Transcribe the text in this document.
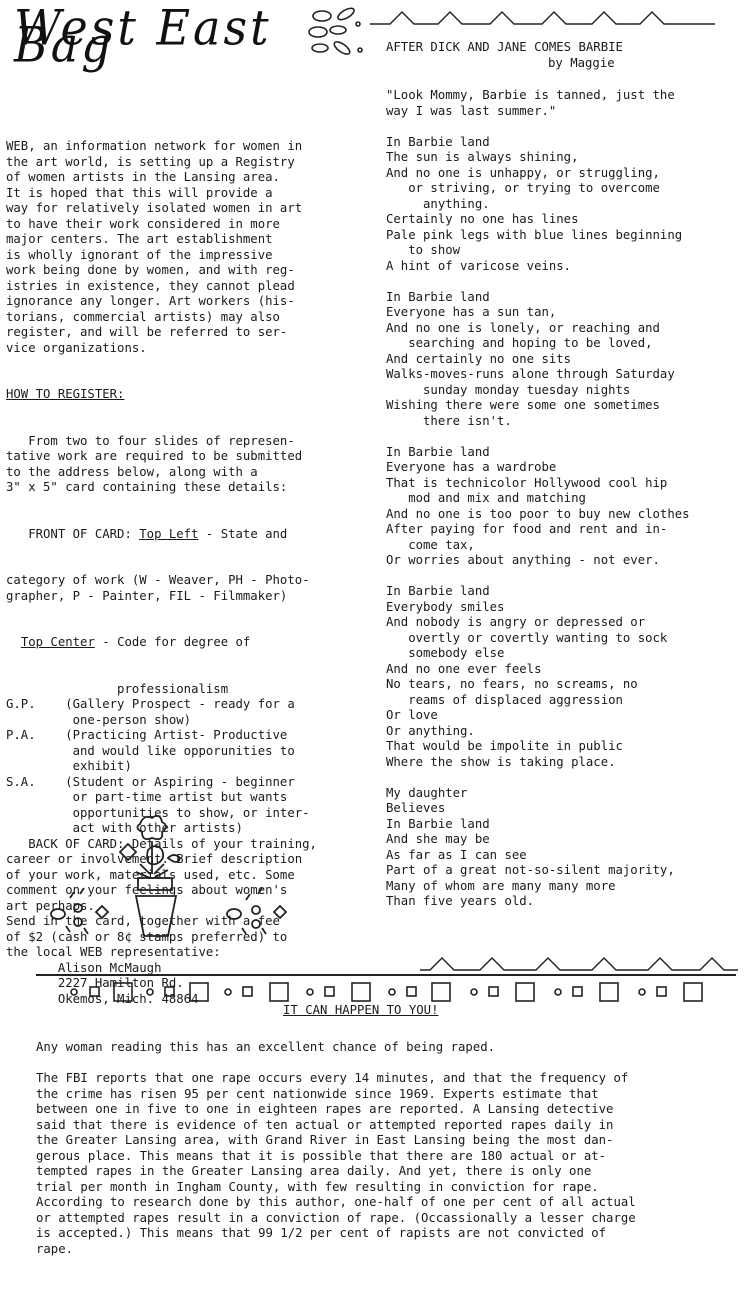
West East Bag	AFTER DICK AND JANE COMES BARBIE
by Maggie

WEB, an information network for women in
the art world, is setting up a Registry
of women artists in the Lansing area.
It is hoped that this will provide a
way for relatively isolated women in art
to have their work considered in more
major centers. The art establishment
is wholly ignorant of the impressive
work being done by women, and with reg-
istries in existence, they cannot plead
ignorance any longer. Art workers (his-
torians, commercial artists) may also
register, and will be referred to ser-
vice organizations.

HOW TO REGISTER:

From two to four slides of represen-
tative work are required to be submitted
to the address below, along with a
3" x 5" card containing these details:

FRONT OF CARD: Top Left - State and

category of work (W - Weaver, PH - Photo-
grapher, P - Painter, FIL - Filmmaker)

Top Center - Code for degree of

professionalism
G.P.    (Gallery Prospect - ready for a
one-person show)
P.A.    (Practicing Artist- Productive
and would like opporunities to
exhibit)
S.A.    (Student or Aspiring - beginner
or part-time artist but wants
opportunities to show, or inter-
act with other artists)
BACK OF CARD: Details of your training,
career or involvement. Brief description
of your work, materials used, etc. Some
comment on your feelings about women's
art perhaps.
Send in the card, together with a fee
of $2 (cash or 8¢ stamps preferred) to
the local WEB representative:
Alison McMaugh
2227 Hamilton Rd.
Okemos, Mich. 48864

"Look Mommy, Barbie is tanned, just the
way I was last summer."

In Barbie land
The sun is always shining,
And no one is unhappy, or struggling,
or striving, or trying to overcome
anything.
Certainly no one has lines
Pale pink legs with blue lines beginning
to show
A hint of varicose veins.

In Barbie land
Everyone has a sun tan,
And no one is lonely, or reaching and
searching and hoping to be loved,
And certainly no one sits
Walks-moves-runs alone through Saturday
sunday monday tuesday nights
Wishing there were some one sometimes
there isn't.

In Barbie land
Everyone has a wardrobe
That is technicolor Hollywood cool hip
mod and mix and matching
And no one is too poor to buy new clothes
After paying for food and rent and in-
come tax,
Or worries about anything - not ever.

In Barbie land
Everybody smiles
And nobody is angry or depressed or
overtly or covertly wanting to sock
somebody else
And no one ever feels
No tears, no fears, no screams, no
reams of displaced aggression
Or love
Or anything.
That would be impolite in public
Where the show is taking place.

My daughter
Believes
In Barbie land
And she may be
As far as I can see
Part of a great not-so-silent majority,
Many of whom are many many more
Than five years old.
IT CAN HAPPEN TO YOU!
Any woman reading this has an excellent chance of being raped.

The FBI reports that one rape occurs every 14 minutes, and that the frequency of
the crime has risen 95 per cent nationwide since 1969. Experts estimate that
between one in five to one in eighteen rapes are reported. A Lansing detective
said that there is evidence of ten actual or attempted reported rapes daily in
the Greater Lansing area, with Grand River in East Lansing being the most dan-
gerous place. This means that it is possible that there are 180 actual or at-
tempted rapes in the Greater Lansing area daily. And yet, there is only one
trial per month in Ingham County, with few resulting in conviction for rape.
According to research done by this author, one-half of one per cent of all actual
or attempted rapes result in a conviction of rape. (Occassionally a lesser charge
is accepted.) This means that 99 1/2 per cent of rapists are not convicted of
rape.
